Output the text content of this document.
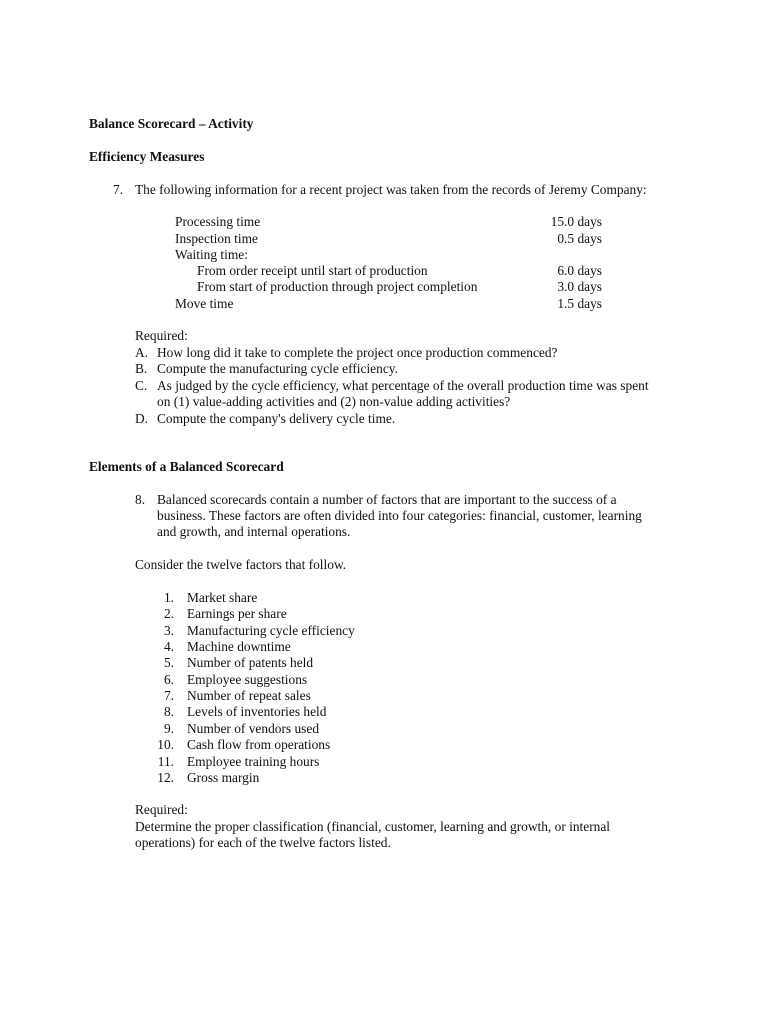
Balance Scorecard – Activity
Efficiency Measures
7. The following information for a recent project was taken from the records of Jeremy Company:
Processing time	15.0 days
Inspection time	0.5 days
Waiting time:
From order receipt until start of production	6.0 days
From start of production through project completion	3.0 days
Move time	1.5 days
Required:
A. How long did it take to complete the project once production commenced?
B. Compute the manufacturing cycle efficiency.
C. As judged by the cycle efficiency, what percentage of the overall production time was spent
on (1) value-adding activities and (2) non-value adding activities?
D. Compute the company's delivery cycle time.
Elements of a Balanced Scorecard
8. Balanced scorecards contain a number of factors that are important to the success of a
business. These factors are often divided into four categories: financial, customer, learning
and growth, and internal operations.
Consider the twelve factors that follow.
1. Market share
2. Earnings per share
3. Manufacturing cycle efficiency
4. Machine downtime
5. Number of patents held
6. Employee suggestions
7. Number of repeat sales
8. Levels of inventories held
9. Number of vendors used
10. Cash flow from operations
11. Employee training hours
12. Gross margin
Required:
Determine the proper classification (financial, customer, learning and growth, or internal
operations) for each of the twelve factors listed.
